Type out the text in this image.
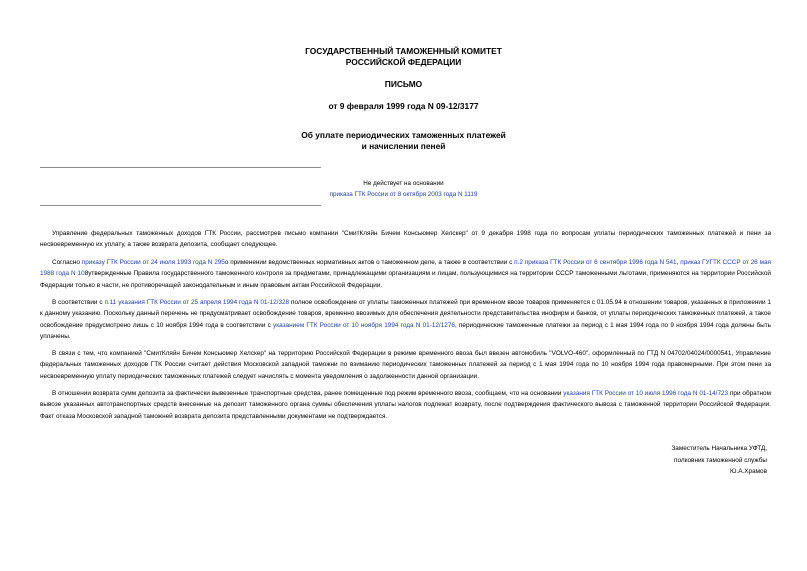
ГОСУДАРСТВЕННЫЙ ТАМОЖЕННЫЙ КОМИТЕТ
РОССИЙСКОЙ ФЕДЕРАЦИИ
ПИСЬМО
от 9 февраля 1999 года N 09-12/3177
Об уплате периодических таможенных платежей
и начислении пеней
Не действует на основании
приказа ГТК России от 8 октября 2003 года N 1119
Управление федеральных таможенных доходов ГТК России, рассмотрев письмо компании "СмитКляйн Бичем Консьюмер Хелскер" от 9 декабря 1998 года по вопросам уплаты периодических таможенных платежей и пени за несвоевременную их уплату, а также возврата депозита, сообщает следующее.
Согласно приказу ГТК России от 24 июля 1993 года N 295о применении ведомственных нормативных актов о таможенном деле, а также в соответствии с п.2 приказа ГТК России от 6 сентября 1996 года N 541, приказ ГУГТК СССР от 26 мая 1988 года N 108утвержденные Правила государственного таможенного контроля за предметами, принадлежащими организациям и лицам, пользующимися на территории СССР таможенными льготами, применяются на территории Российской Федерации только в части, не противоречащей законодательным и иным правовым актам Российской Федерации.
В соответствии с п.11 указания ГТК России от 25 апреля 1994 года N 01-12/328 полное освобождение от уплаты таможенных платежей при временном ввозе товаров применяется с 01.05.94 в отношении товаров, указанных в приложении 1 к данному указанию. Поскольку данный перечень не предусматривает освобождение товаров, временно ввозимых для обеспечения деятельности представительства инофирм и банков, от уплаты периодических таможенных платежей, а такое освобождение предусмотрено лишь с 10 ноября 1994 года в соответствии с указанием ГТК России от 10 ноября 1994 года N 01-12/1276, периодические таможенные платежи за период с 1 мая 1994 года по 9 ноября 1994 года должны быть уплачены.
В связи с тем, что компанией "СмитКляйн Бичем Консьюмер Хелскер" на территорию Российской Федерации в режиме временного ввоза был ввезен автомобиль "VOLVO-460", оформленный по ГТД N 04702/04024/0000541, Управление федеральных таможенных доходов ГТК России считает действия Московской западной таможни по взиманию периодических таможенных платежей за период с 1 мая 1994 года по 10 ноября 1994 года правомерными. При этом пени за несвоевременную уплату периодических таможенных платежей следует начислять с момента уведомления о задолженности данной организации.
В отношении возврата сумм депозита за фактически вывезенные транспортные средства, ранее помещенные под режим временного ввоза, сообщаем, что на основании указания ГТК России от 10 июля 1996 года N 01-14/723 при обратном вывозе указанных автотранспортных средств внесенные на депозит таможенного органа суммы обеспечения уплаты налогов подлежат возврату, после подтверждения фактического вывоза с таможенной территории Российской Федерации. Факт отказа Московской западной таможней возврата депозита представленными документами не подтверждается.
Заместитель Начальника УФТД,
полковник таможенной службы
Ю.А.Храмов
